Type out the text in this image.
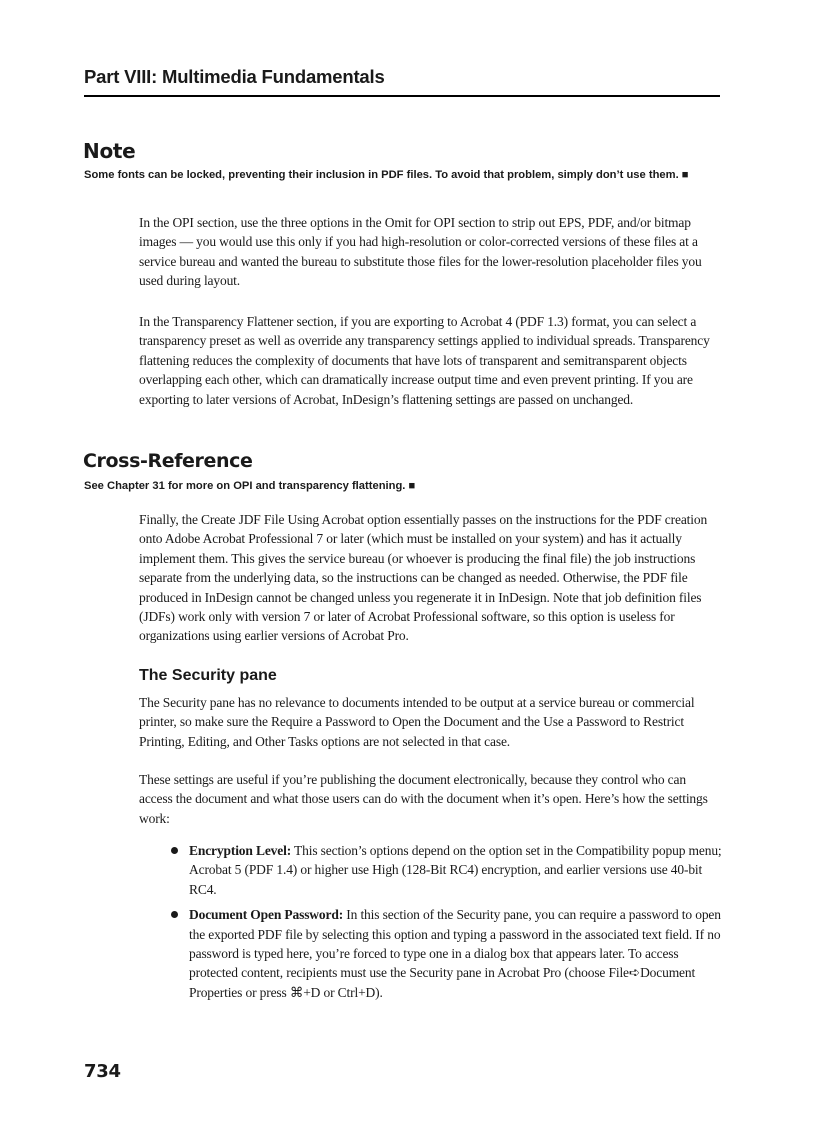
Part VIII: Multimedia Fundamentals
Note
Some fonts can be locked, preventing their inclusion in PDF files. To avoid that problem, simply don’t use them. ■

In the OPI section, use the three options in the Omit for OPI section to strip out EPS, PDF, and/or bitmap images — you would use this only if you had high-resolution or color-corrected versions of these files at a service bureau and wanted the bureau to substitute those files for the lower-resolution placeholder files you used during layout.

In the Transparency Flattener section, if you are exporting to Acrobat 4 (PDF 1.3) format, you can select a transparency preset as well as override any transparency settings applied to individual spreads. Transparency flattening reduces the complexity of documents that have lots of transparent and semitransparent objects overlapping each other, which can dramatically increase output time and even prevent printing. If you are exporting to later versions of Acrobat, InDesign’s flattening settings are passed on unchanged.

Cross-Reference
See Chapter 31 for more on OPI and transparency flattening. ■

Finally, the Create JDF File Using Acrobat option essentially passes on the instructions for the PDF creation onto Adobe Acrobat Professional 7 or later (which must be installed on your system) and has it actually implement them. This gives the service bureau (or whoever is producing the final file) the job instructions separate from the underlying data, so the instructions can be changed as needed. Otherwise, the PDF file produced in InDesign cannot be changed unless you regenerate it in InDesign. Note that job definition files (JDFs) work only with version 7 or later of Acrobat Professional software, so this option is useless for organizations using earlier versions of Acrobat Pro.

The Security pane

The Security pane has no relevance to documents intended to be output at a service bureau or commercial printer, so make sure the Require a Password to Open the Document and the Use a Password to Restrict Printing, Editing, and Other Tasks options are not selected in that case.

These settings are useful if you’re publishing the document electronically, because they control who can access the document and what those users can do with the document when it’s open. Here’s how the settings work:

Encryption Level: This section’s options depend on the option set in the Compatibility popup menu; Acrobat 5 (PDF 1.4) or higher use High (128-Bit RC4) encryption, and earlier versions use 40-bit RC4.
Document Open Password: In this section of the Security pane, you can require a password to open the exported PDF file by selecting this option and typing a password in the associated text field. If no password is typed here, you’re forced to type one in a dialog box that appears later. To access protected content, recipients must use the Security pane in Acrobat Pro (choose File➪Document Properties or press ⌘+D or Ctrl+D).
734
